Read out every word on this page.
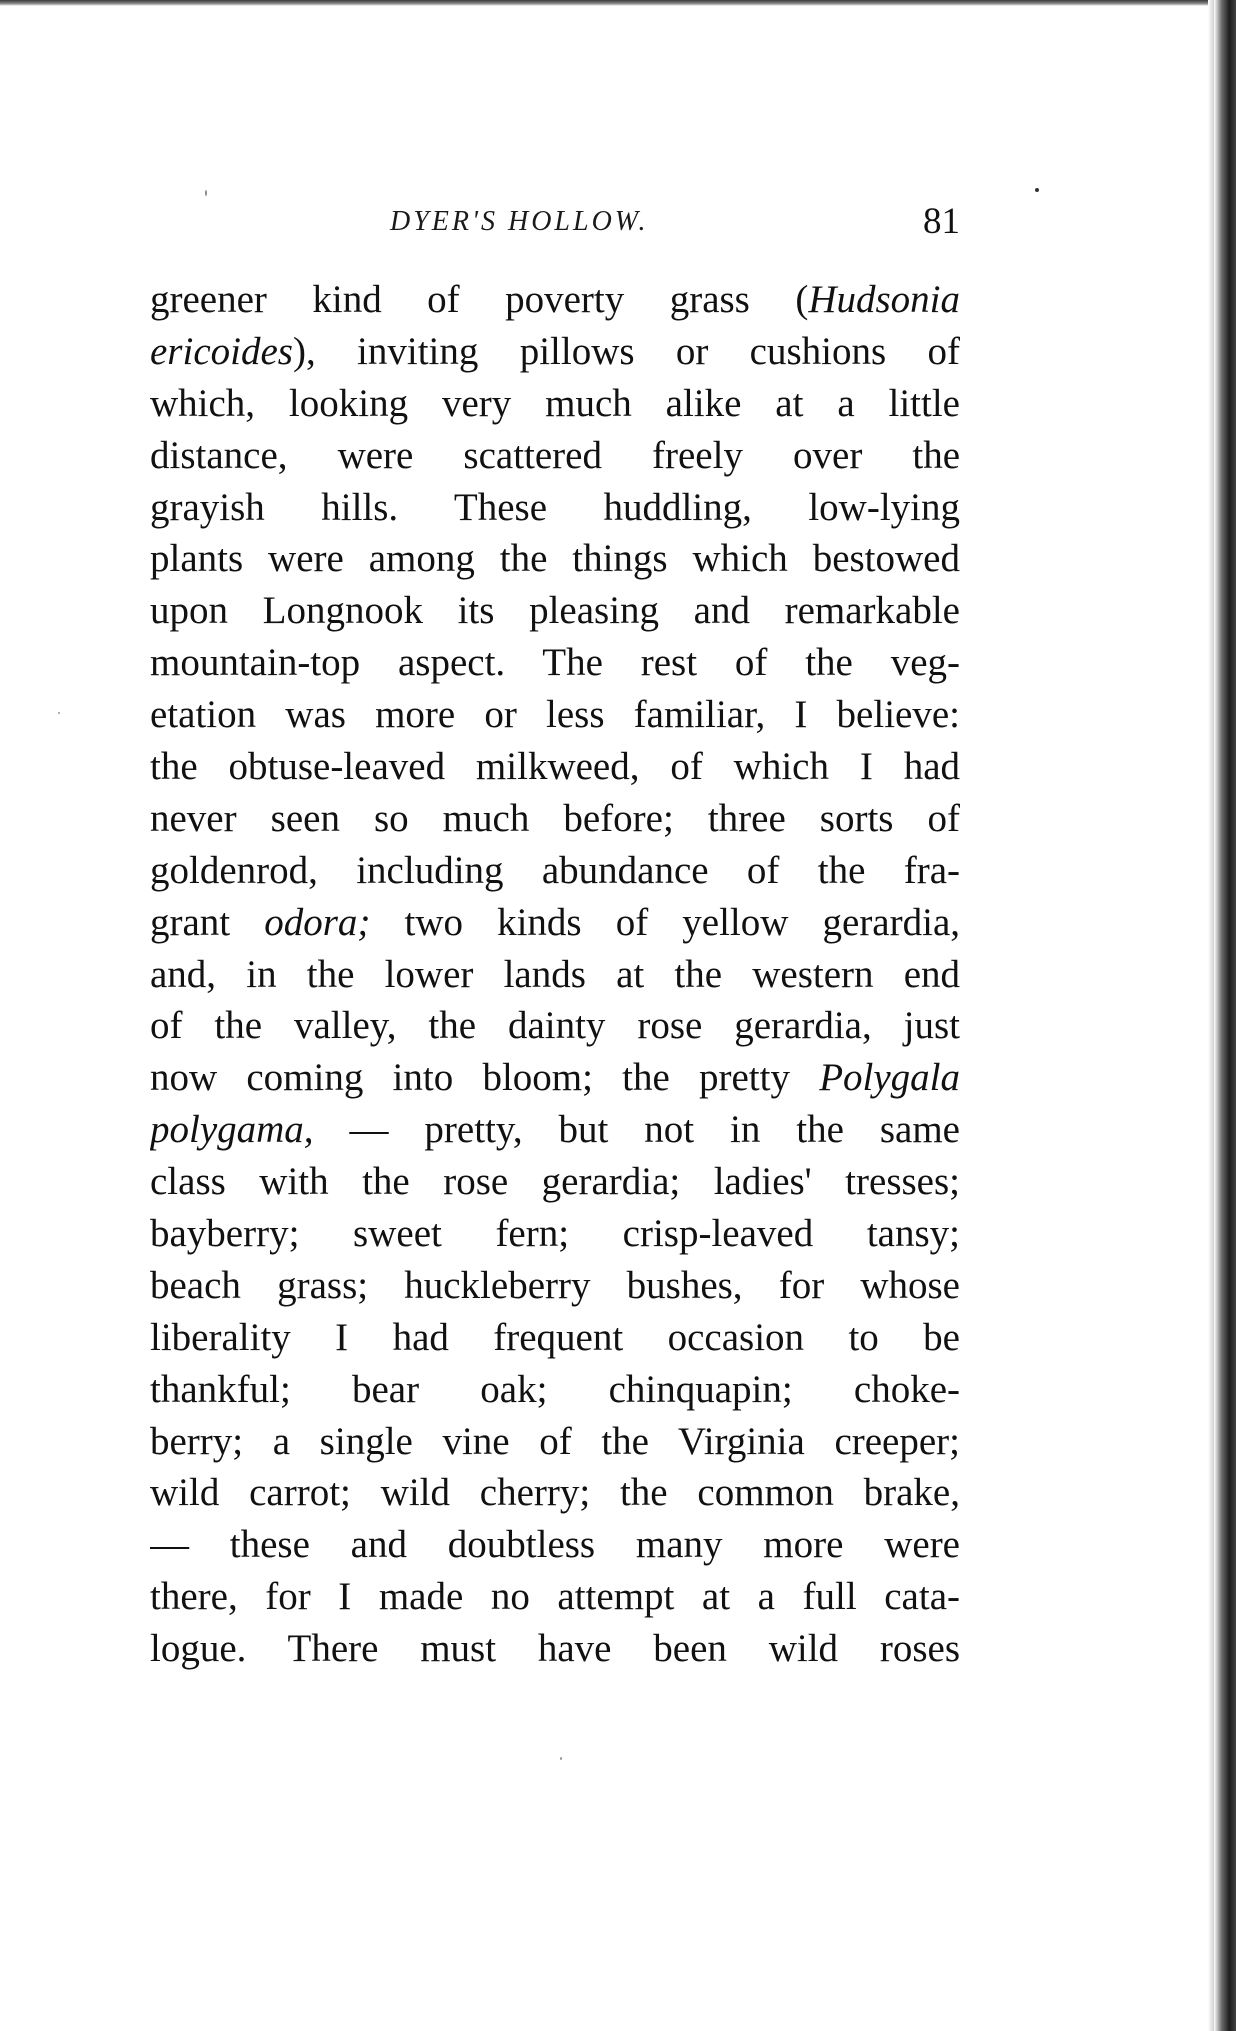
DYER'S HOLLOW.	81
greener kind of poverty grass (Hudsonia
ericoides), inviting pillows or cushions of
which, looking very much alike at a little
distance, were scattered freely over the
grayish hills. These huddling, low-lying
plants were among the things which bestowed
upon Longnook its pleasing and remarkable
mountain-top aspect. The rest of the veg-
etation was more or less familiar, I believe:
the obtuse-leaved milkweed, of which I had
never seen so much before; three sorts of
goldenrod, including abundance of the fra-
grant odora; two kinds of yellow gerardia,
and, in the lower lands at the western end
of the valley, the dainty rose gerardia, just
now coming into bloom; the pretty Polygala
polygama, — pretty, but not in the same
class with the rose gerardia; ladies' tresses;
bayberry; sweet fern; crisp-leaved tansy;
beach grass; huckleberry bushes, for whose
liberality I had frequent occasion to be
thankful; bear oak; chinquapin; choke-
berry; a single vine of the Virginia creeper;
wild carrot; wild cherry; the common brake,
— these and doubtless many more were
there, for I made no attempt at a full cata-
logue. There must have been wild roses
